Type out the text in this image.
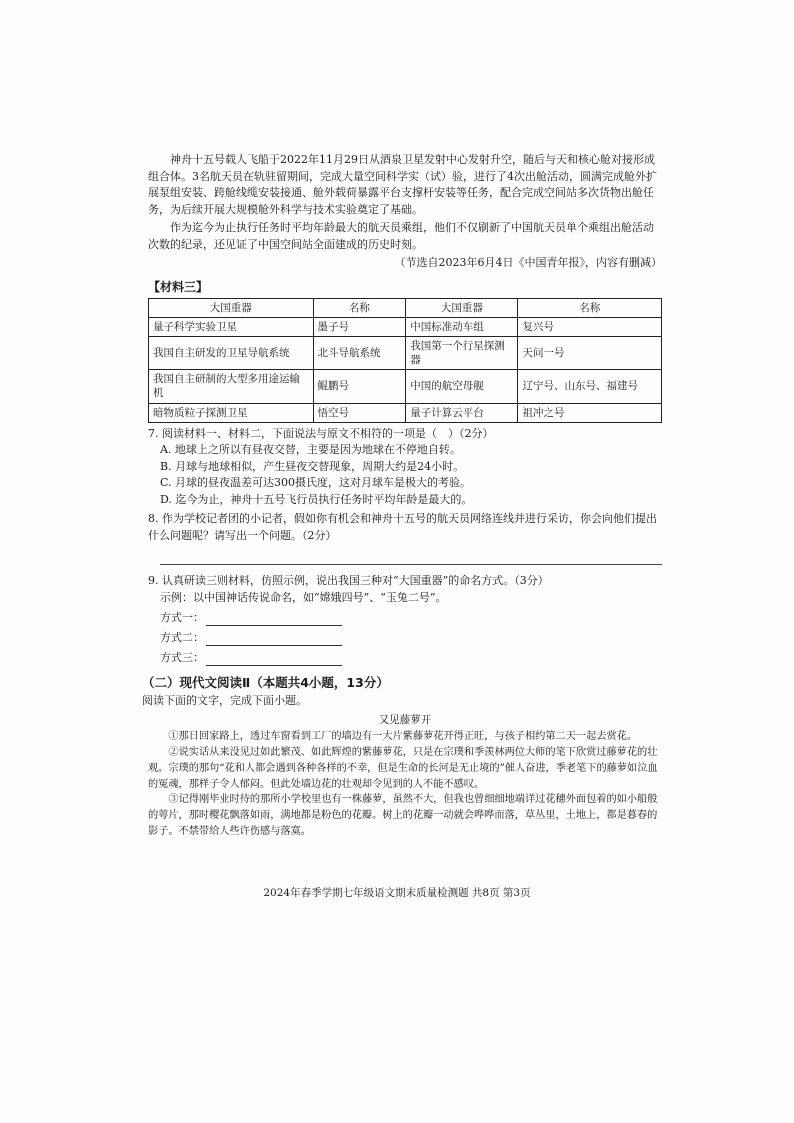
神舟十五号载人飞船于2022年11月29日从酒泉卫星发射中心发射升空，随后与天和核心舱对接形成组合体。3名航天员在轨驻留期间，完成大量空间科学实（试）验，进行了4次出舱活动，圆满完成舱外扩展泵组安装、跨舱线缆安装接通、舱外载荷暴露平台支撑杆安装等任务，配合完成空间站多次货物出舱任务，为后续开展大规模舱外科学与技术实验奠定了基础。

作为迄今为止执行任务时平均年龄最大的航天员乘组，他们不仅刷新了中国航天员单个乘组出舱活动次数的纪录，还见证了中国空间站全面建成的历史时刻。

（节选自2023年6月4日《中国青年报》，内容有删减）

【材料三】
大国重器	名称	大国重器	名称
量子科学实验卫星	墨子号	中国标准动车组	复兴号
我国自主研发的卫星导航系统	北斗导航系统	我国第一个行星探测器	天问一号
我国自主研制的大型多用途运输机	鲲鹏号	中国的航空母舰	辽宁号、山东号、福建号
暗物质粒子探测卫星	悟空号	量子计算云平台	祖冲之号
7. 阅读材料一、材料二，下面说法与原文不相符的一项是（　）（2分）
A. 地球上之所以有昼夜交替，主要是因为地球在不停地自转。
B. 月球与地球相似，产生昼夜交替现象，周期大约是24小时。
C. 月球的昼夜温差可达300摄氏度，这对月球车是极大的考验。
D. 迄今为止，神舟十五号飞行员执行任务时平均年龄是最大的。
8. 作为学校记者团的小记者，假如你有机会和神舟十五号的航天员网络连线并进行采访，你会向他们提出什么问题呢？请写出一个问题。（2分）
9. 认真研读三则材料，仿照示例，说出我国三种对“大国重器”的命名方式。（3分）
示例：以中国神话传说命名，如“嫦娥四号”、“玉兔二号”。
方式一：
方式二：
方式三：
（二）现代文阅读Ⅱ（本题共4小题，13分）

阅读下面的文字，完成下面小题。

又见藤萝开

①那日回家路上，透过车窗看到工厂的墙边有一大片紫藤萝花开得正旺，与孩子相约第二天一起去赏花。

②说实话从来没见过如此繁茂、如此辉煌的紫藤萝花，只是在宗璞和季羡林两位大师的笔下欣赏过藤萝花的壮观。宗璞的那句“花和人都会遇到各种各样的不幸，但是生命的长河是无止境的”催人奋进，季老笔下的藤萝如泣血的冤魂，那样子令人郁闷。但此处墙边花的壮观却令见到的人不能不感叹。

③记得刚毕业时待的那所小学校里也有一株藤萝，虽然不大，但我也曾细细地端详过花穗外面包着的如小船般的萼片，那时樱花飘落如雨，满地都是粉色的花瓣。树上的花瓣一动就会哗哗而落，草丛里，土地上，都是暮春的影子。不禁带给人些许伤感与落寞。

2024年春季学期七年级语文期末质量检测题 共8页 第3页
